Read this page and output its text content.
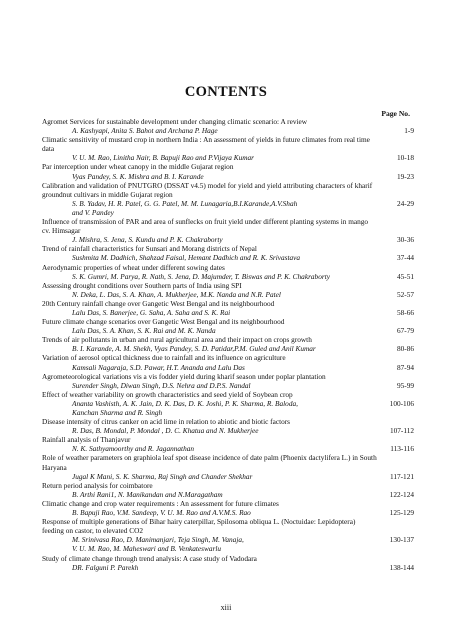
CONTENTS
Page No.
Agromet Services for sustainable development under changing climatic scenario: A review
A. Kashyapi, Anita S. Bahot and Archana P. Hage	1-9
Climatic sensitivity of mustard crop in northern India : An assessment of yields in future climates from real time data
V. U. M. Rao, Linitha Nair, B. Bapuji Rao and P.Vijaya Kumar	10-18
Par interception under wheat canopy in the middle Gujarat region
Vyas Pandey, S. K. Mishra and B. I. Karande	19-23
Calibration and validation of PNUTGRO (DSSAT v4.5) model for yield and yield attributing characters of kharif groundnut cultivars in middle Gujarat region
S. B. Yadav, H. R. Patel, G. G. Patel, M. M. Lunagaria,B.I.Karande,A.V.Shah
and V. Pandey
24-29
Influence of transmission of PAR and area of sunflecks on fruit yield under different planting systems in mango cv. Himsagar
J. Mishra, S. Jena, S. Kundu and P. K. Chakraborty	30-36
Trend of rainfall characteristics for Sunsari and Morang districts of Nepal
Sushmita M. Dadhich, Shahzad Faisal, Hemant Dadhich and R. K. Srivastava	37-44
Aerodynamic properties of wheat under different sowing dates
S. K. Gumri, M. Parya, R. Nath, S. Jena, D. Majumder, T. Biswas and P. K. Chakraborty	45-51
Assessing drought conditions over Southern parts of India using SPI
N. Deka, L. Das, S. A. Khan, A. Mukherjee, M.K. Nanda and N.R. Patel	52-57
20th Century rainfall change over Gangetic West Bengal and its neighbourhood
Lalu Das, S. Banerjee, G. Saha, A. Saha and S. K. Rai	58-66
Future climate change scenarios over Gangetic West Bengal and its neighbourhood
Lalu Das, S. A. Khan, S. K. Rai and M. K. Nanda	67-79
Trends of air pollutants in urban and rural agricultural area and their impact on crops growth
B. I. Karande, A. M. Shekh, Vyas Pandey, S. D. Patidar,P.M. Guled and Anil Kumar	80-86
Variation of aerosol optical thickness due to rainfall and its influence on agriculture
Kamsali Nagaraja, S.D. Pawar, H.T. Ananda and Lalu Das	87-94
Agrometeorological variations vis a vis fodder yield during kharif season under poplar plantation
Surender Singh, Diwan Singh, D.S. Nehra and D.P.S. Nandal	95-99
Effect of weather variability on growth characteristics and seed yield of Soybean crop
Ananta Vashisth, A. K. Jain, D. K. Das, D. K. Joshi, P. K. Sharma, R. Baloda,
Kanchan Sharma and R. Singh
100-106
Disease intensity of citrus canker on acid lime in relation to abiotic and biotic factors
R. Das, B. Mondal, P. Mondal , D. C. Khatua and N. Mukherjee	107-112
Rainfall analysis of Thanjavur
N. K. Sathyamoorthy and R. Jagannathan	113-116
Role of weather parameters on graphiola leaf spot disease incidence of date palm (Phoenix dactylifera L.) in South Haryana
Jugal K Mani, S. K. Sharma, Raj Singh and Chander Shekhar	117-121
Return period analysis for coimbatore
B. Arthi Rani1, N. Manikandan and N.Maragatham	122-124
Climatic change and crop water requirements : An assessment for future climates
B. Bapuji Rao, V.M. Sandeep, V. U. M. Rao and A.V.M.S. Rao	125-129
Response of multiple generations of Bihar hairy caterpillar, Spilosoma obliqua L. (Noctuidae: Lepidoptera) feeding on castor, to elevated CO2
M. Srinivasa Rao, D. Manimanjari, Teja Singh, M. Vanaja,
V. U. M. Rao, M. Maheswari and B. Venkateswarlu
130-137
Study of climate change through trend analysis: A case study of Vadodara
DR. Falguni P. Parekh	138-144
xiii
